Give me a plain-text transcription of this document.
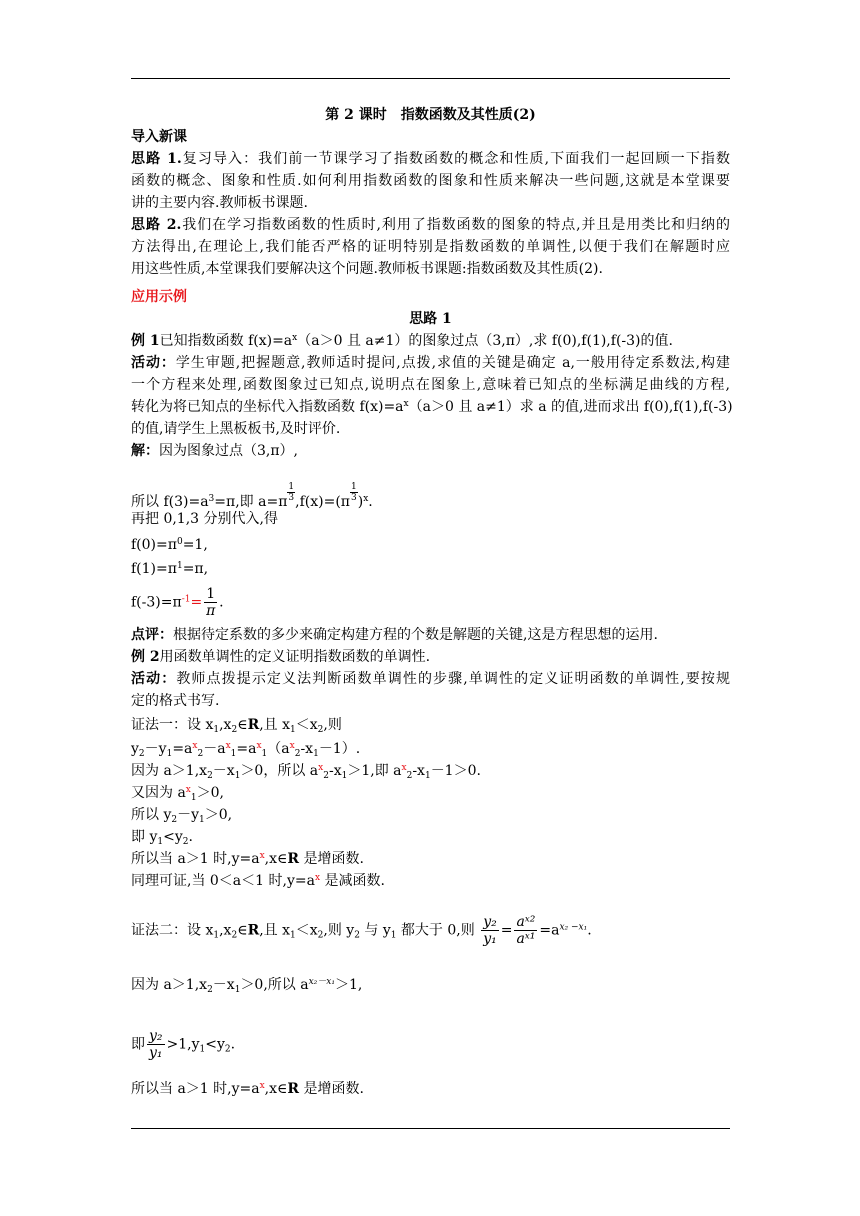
第 2 课时　指数函数及其性质(2)
导入新课
思路 1.复习导入：我们前一节课学习了指数函数的概念和性质,下面我们一起回顾一下指数
函数的概念、图象和性质.如何利用指数函数的图象和性质来解决一些问题,这就是本堂课要
讲的主要内容.教师板书课题.
思路 2.我们在学习指数函数的性质时,利用了指数函数的图象的特点,并且是用类比和归纳的
方法得出,在理论上,我们能否严格的证明特别是指数函数的单调性,以便于我们在解题时应
用这些性质,本堂课我们要解决这个问题.教师板书课题:指数函数及其性质(2).
应用示例
思路 1
例 1已知指数函数 $f(x)=a^x(a>0$ 且 a≠1）的图象过点（3,π）,求 f(0),f(1),f(-3)的值.
活动：学生审题,把握题意,教师适时提问,点拨,求值的关键是确定 a,一般用待定系数法,构建
一个方程来处理,函数图象过已知点,说明点在图象上,意味着已知点的坐标满足曲线的方程,
转化为将已知点的坐标代入指数函数 $f(x)=a^x(a>0$ 且 a≠1）求 a 的值,进而求出 f(0),f(1),f(-3)
的值,请学生上黑板板书,及时评价.
解：因为图象过点（3,π）,
所以 $f(3)=a^3=\pi$,即 $a=\pi \frac{1}{3} ,f(x)=(\pi \frac{1}{3} )^x$.
再把 0,1,3 分别代入,得
$f(0)=\pi^0=1$,
$f(1)=\pi^1=\pi$,
$f(-3)=\pi^{-1}= \frac{1}{\pi}$ .
点评：根据待定系数的多少来确定构建方程的个数是解题的关键,这是方程思想的运用.
例 2用函数单调性的定义证明指数函数的单调性.
活动：教师点拨提示定义法判断函数单调性的步骤,单调性的定义证明函数的单调性,要按规
定的格式书写.
证法一：设 $x_1,x_2\in R$,且 $x_1<x_2$,则
$y_2-y_1=a^x_2-a^x_1=a^x_1(a^x_2-x_1-1)$.
因为 $a>1,x_2-x_1>0$，所以 $a^x_2-x_1>1$,即 $a^x_2-x_1-1>0$.
又因为 $a^x_1>0$,
所以 $y_2-y_1>0$,
即 $y_1<y_2$.
所以当 a＞1 时$,y=a^x,x\in R$ 是增函数.
同理可证,当 0＜a＜1 时$,y=a^x$ 是减函数.
证法二：设 $x_1,x_2\in R$,且 $x_1<x_2$,则 $y_2$ 与 $y_1$ 都大于 0,则 $\frac{\text{y₂}}{\text{y₁}} = \frac{\text{aˣ²}}{\text{aˣ¹}} =a^{x_2 -x_1}$.
因为 $a>1,x_2-x_1>0$,所以 $a^{x_2-x_1}>1$,
即 $\frac{\text{y₂}}{\text{y₁}} >1,y_1<y_2$.
所以当 a＞1 时$,y=a^x,x\in R$ 是增函数.
